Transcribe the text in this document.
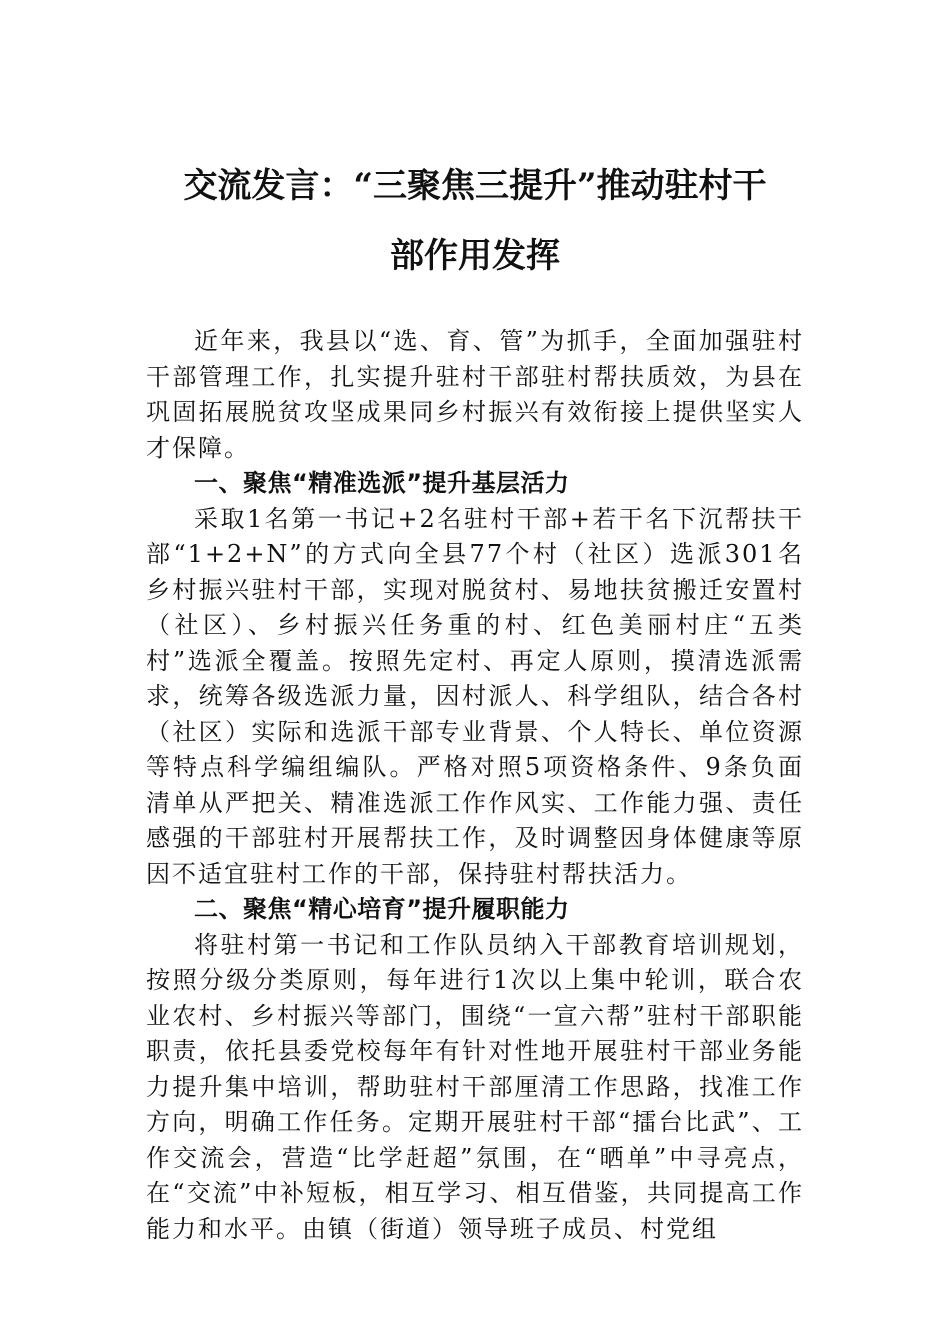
交流发言：“三聚焦三提升”推动驻村干
部作用发挥

近年来，我县以“选、育、管”为抓手，全面加强驻村干部管理工作，扎实提升驻村干部驻村帮扶质效，为县在巩固拓展脱贫攻坚成果同乡村振兴有效衔接上提供坚实人才保障。

一、聚焦“精准选派”提升基层活力

采取1名第一书记+2名驻村干部+若干名下沉帮扶干部“1+2+N”的方式向全县77个村（社区）选派301名乡村振兴驻村干部，实现对脱贫村、易地扶贫搬迁安置村（社区）、乡村振兴任务重的村、红色美丽村庄“五类村”选派全覆盖。按照先定村、再定人原则，摸清选派需求，统筹各级选派力量，因村派人、科学组队，结合各村（社区）实际和选派干部专业背景、个人特长、单位资源等特点科学编组编队。严格对照5项资格条件、9条负面清单从严把关、精准选派工作作风实、工作能力强、责任感强的干部驻村开展帮扶工作，及时调整因身体健康等原因不适宜驻村工作的干部，保持驻村帮扶活力。

二、聚焦“精心培育”提升履职能力

将驻村第一书记和工作队员纳入干部教育培训规划，按照分级分类原则，每年进行1次以上集中轮训，联合农业农村、乡村振兴等部门，围绕“一宣六帮”驻村干部职能职责，依托县委党校每年有针对性地开展驻村干部业务能力提升集中培训，帮助驻村干部厘清工作思路，找准工作方向，明确工作任务。定期开展驻村干部“擂台比武”、工作交流会，营造“比学赶超”氛围，在“晒单”中寻亮点，在“交流”中补短板，相互学习、相互借鉴，共同提高工作能力和水平。由镇（街道）领导班子成员、村党组
